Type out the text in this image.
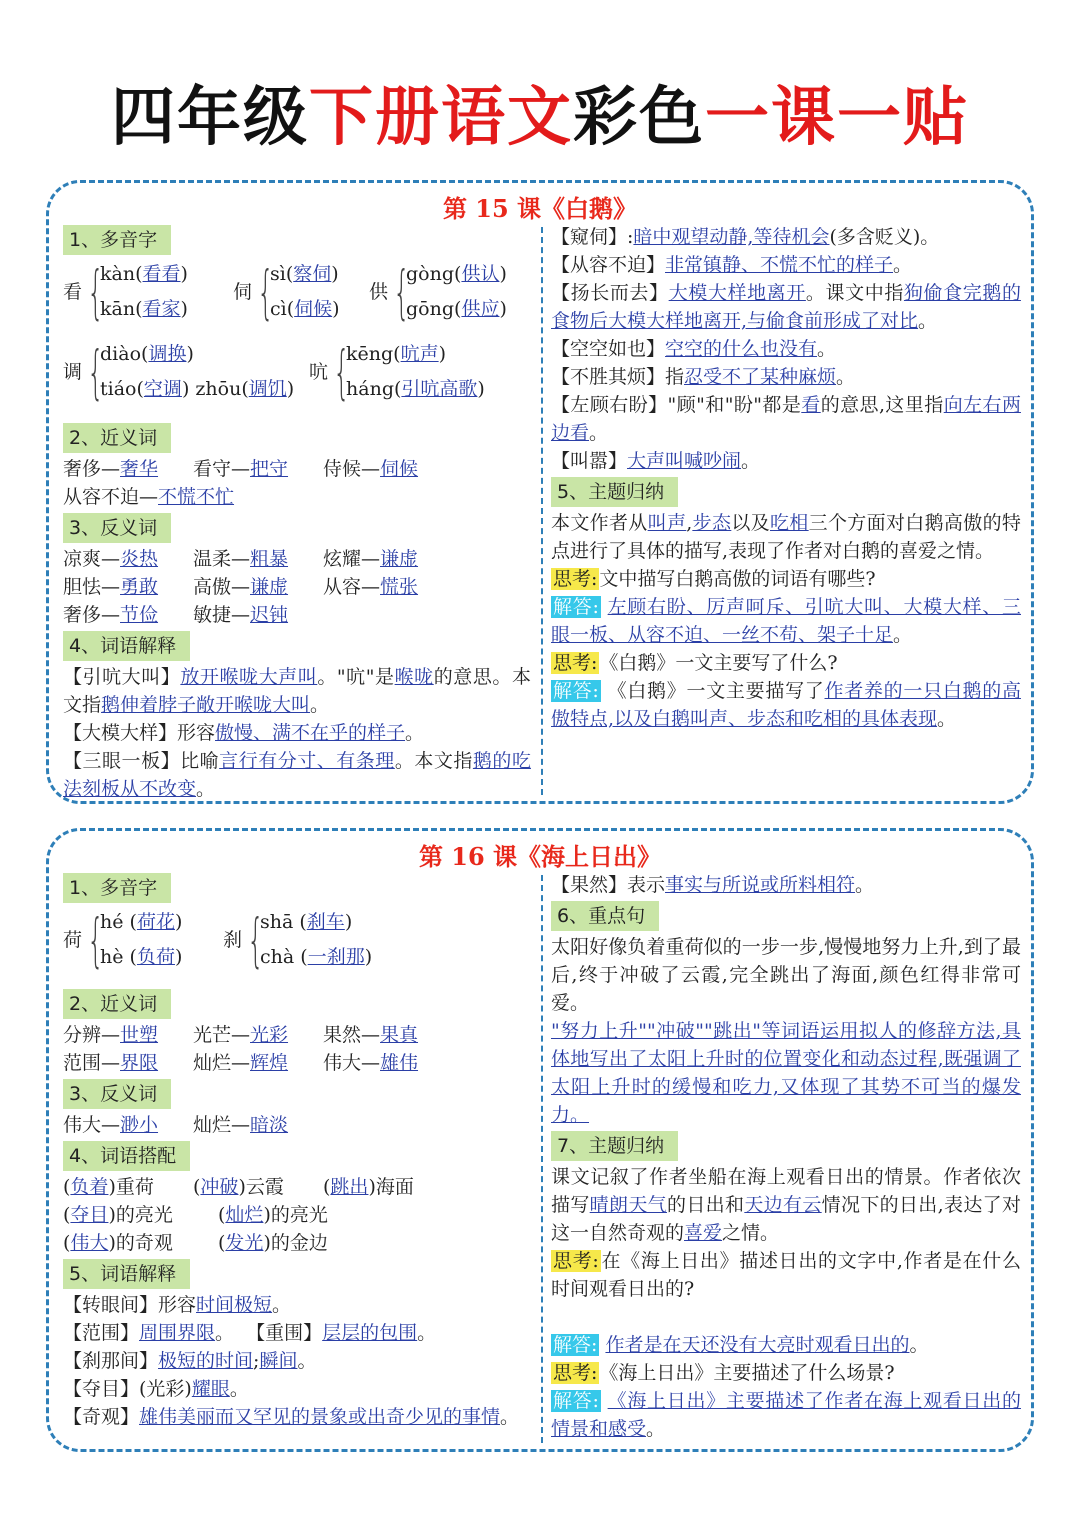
四年级下册语文彩色一课一贴
第 15 课《白鹅》
1、多音字
看 {
kàn(看看)
kān(看家)
伺 {
sì(察伺)
cì(伺候)
供 {
gòng(供认)
gōng(供应)
调 {
diào(调换)
tiáo(空调) zhōu(调饥)
吭 {
kēng(吭声)
háng(引吭高歌)
2、近义词
奢侈—奢华	看守—把守	侍候—伺候
从容不迫—不慌不忙
3、反义词
凉爽—炎热	温柔—粗暴	炫耀—谦虚
胆怯—勇敢	高傲—谦虚	从容—慌张
奢侈—节俭	敏捷—迟钝
4、词语解释

【引吭大叫】放开喉咙大声叫。"吭"是喉咙的意思。本文指鹅伸着脖子敞开喉咙大叫。

【大模大样】形容傲慢、满不在乎的样子。

【三眼一板】比喻言行有分寸、有条理。本文指鹅的吃法刻板从不改变。

【窥伺】:暗中观望动静,等待机会(多含贬义)。

【从容不迫】非常镇静、不慌不忙的样子。

【扬长而去】大模大样地离开。课文中指狗偷食完鹅的食物后大模大样地离开,与偷食前形成了对比。

【空空如也】空空的什么也没有。

【不胜其烦】指忍受不了某种麻烦。

【左顾右盼】"顾"和"盼"都是看的意思,这里指向左右两边看。

【叫嚣】大声叫喊吵闹。

5、主题归纳

本文作者从叫声,步态以及吃相三个方面对白鹅高傲的特点进行了具体的描写,表现了作者对白鹅的喜爱之情。

思考: 文中描写白鹅高傲的词语有哪些?

解答: 左顾右盼、厉声呵斥、引吭大叫、大模大样、三眼一板、从容不迫、一丝不苟、架子十足。

思考: 《白鹅》一文主要写了什么?

解答: 《白鹅》一文主要描写了作者养的一只白鹅的高傲特点,以及白鹅叫声、步态和吃相的具体表现。

第 16 课《海上日出》
1、多音字
荷 {
hé (荷花)
hè (负荷)
刹 {
shā (刹车)
chà (一刹那)
2、近义词
分辨—世塑	光芒—光彩	果然—果真
范围—界限	灿烂—辉煌	伟大—雄伟
3、反义词
伟大—渺小	灿烂—暗淡
4、词语搭配
(负着)重荷	(冲破)云霞	(跳出)海面
(夺目)的亮光	(灿烂)的亮光
(伟大)的奇观	(发光)的金边
5、词语解释

【转眼间】形容时间极短。

【范围】周围界限。 【重围】层层的包围。

【刹那间】极短的时间;瞬间。

【夺目】(光彩)耀眼。

【奇观】雄伟美丽而又罕见的景象或出奇少见的事情。

【果然】表示事实与所说或所料相符。

6、重点句

太阳好像负着重荷似的一步一步,慢慢地努力上升,到了最后,终于冲破了云霞,完全跳出了海面,颜色红得非常可爱。

"努力上升""冲破""跳出"等词语运用拟人的修辞方法,具体地写出了太阳上升时的位置变化和动态过程,既强调了太阳上升时的缓慢和吃力,又体现了其势不可当的爆发力。

7、主题归纳

课文记叙了作者坐船在海上观看日出的情景。作者依次描写晴朗天气的日出和天边有云情况下的日出,表达了对这一自然奇观的喜爱之情。

思考: 在《海上日出》描述日出的文字中,作者是在什么时间观看日出的?

解答: 作者是在天还没有大亮时观看日出的。

思考: 《海上日出》主要描述了什么场景?

解答: 《海上日出》主要描述了作者在海上观看日出的情景和感受。
